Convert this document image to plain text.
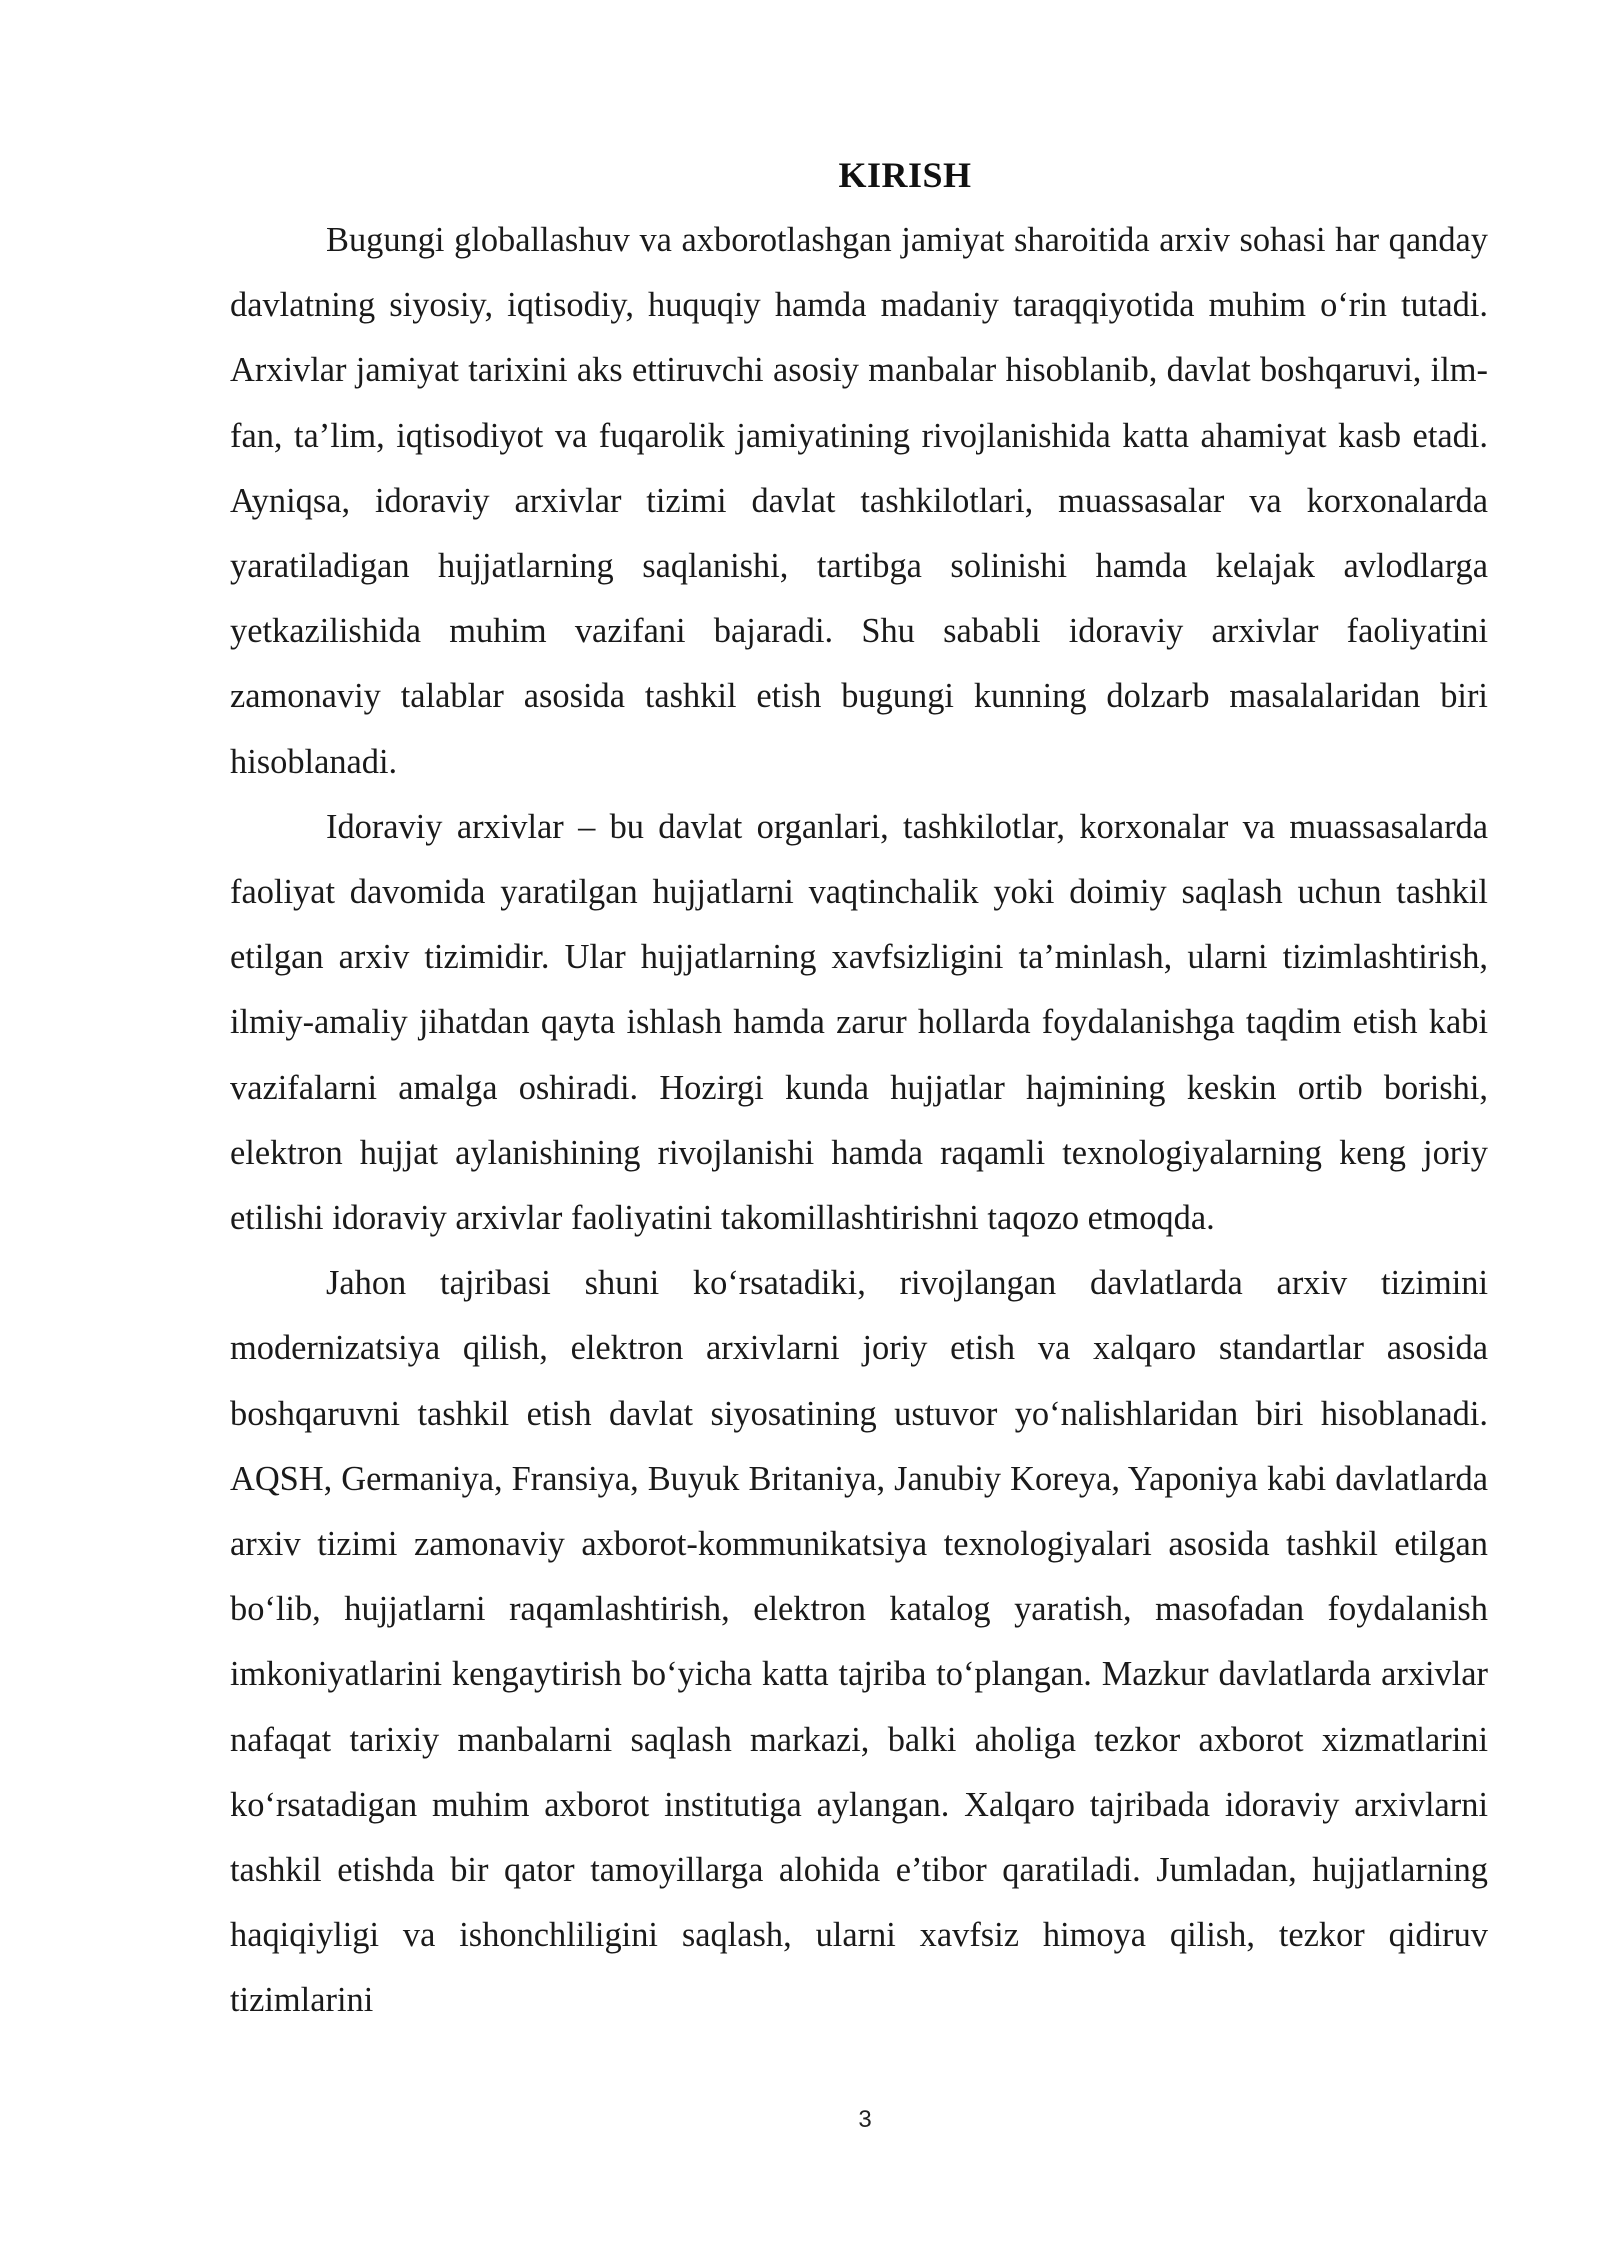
KIRISH

Bugungi globallashuv va axborotlashgan jamiyat sharoitida arxiv sohasi har qanday davlatning siyosiy, iqtisodiy, huquqiy hamda madaniy taraqqiyotida muhim o‘rin tutadi. Arxivlar jamiyat tarixini aks ettiruvchi asosiy manbalar hisoblanib, davlat boshqaruvi, ilm-fan, ta’lim, iqtisodiyot va fuqarolik jamiyatining rivojlanishida katta ahamiyat kasb etadi. Ayniqsa, idoraviy arxivlar tizimi davlat tashkilotlari, muassasalar va korxonalarda yaratiladigan hujjatlarning saqlanishi, tartibga solinishi hamda kelajak avlodlarga yetkazilishida muhim vazifani bajaradi. Shu sababli idoraviy arxivlar faoliyatini zamonaviy talablar asosida tashkil etish bugungi kunning dolzarb masalalaridan biri hisoblanadi.

Idoraviy arxivlar – bu davlat organlari, tashkilotlar, korxonalar va muassasalarda faoliyat davomida yaratilgan hujjatlarni vaqtinchalik yoki doimiy saqlash uchun tashkil etilgan arxiv tizimidir. Ular hujjatlarning xavfsizligini ta’minlash, ularni tizimlashtirish, ilmiy-amaliy jihatdan qayta ishlash hamda zarur hollarda foydalanishga taqdim etish kabi vazifalarni amalga oshiradi. Hozirgi kunda hujjatlar hajmining keskin ortib borishi, elektron hujjat aylanishining rivojlanishi hamda raqamli texnologiyalarning keng joriy etilishi idoraviy arxivlar faoliyatini takomillashtirishni taqozo etmoqda.

Jahon tajribasi shuni ko‘rsatadiki, rivojlangan davlatlarda arxiv tizimini modernizatsiya qilish, elektron arxivlarni joriy etish va xalqaro standartlar asosida boshqaruvni tashkil etish davlat siyosatining ustuvor yo‘nalishlaridan biri hisoblanadi. AQSH, Germaniya, Fransiya, Buyuk Britaniya, Janubiy Koreya, Yaponiya kabi davlatlarda arxiv tizimi zamonaviy axborot-kommunikatsiya texnologiyalari asosida tashkil etilgan bo‘lib, hujjatlarni raqamlashtirish, elektron katalog yaratish, masofadan foydalanish imkoniyatlarini kengaytirish bo‘yicha katta tajriba to‘plangan. Mazkur davlatlarda arxivlar nafaqat tarixiy manbalarni saqlash markazi, balki aholiga tezkor axborot xizmatlarini ko‘rsatadigan muhim axborot institutiga aylangan. Xalqaro tajribada idoraviy arxivlarni tashkil etishda bir qator tamoyillarga alohida e’tibor qaratiladi. Jumladan, hujjatlarning haqiqiyligi va ishonchliligini saqlash, ularni xavfsiz himoya qilish, tezkor qidiruv tizimlarini

3
